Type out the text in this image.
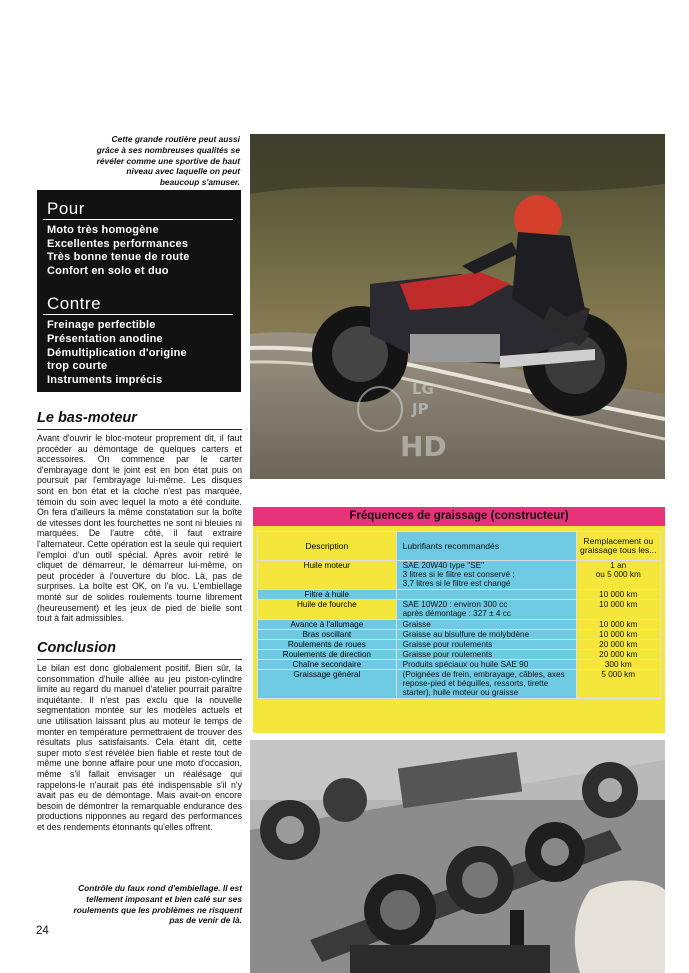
Cette grande routière peut aussi grâce à ses nombreuses qualités se révéler comme une sportive de haut niveau avec laquelle on peut beaucoup s'amuser.
Pour
Moto très homogène
Excellentes performances
Très bonne tenue de route
Confort en solo et duo
Contre
Freinage perfectible
Présentation anodine
Démultiplication d'origine
trop courte
Instruments imprécis
Le bas-moteur
Avant d'ouvrir le bloc-moteur proprement dit, il faut procéder au démontage de quelques carters et accessoires. On commence par le carter d'embrayage dont le joint est en bon état puis on poursuit par l'embrayage lui-même. Les disques sont en bon état et la cloche n'est pas marquée, témoin du soin avec lequel la moto a été conduite. On fera d'ailleurs la même constatation sur la boîte de vitesses dont les fourchettes ne sont ni bleuies ni marquées. De l'autre côté, il faut extraire l'alternateur. Cette opération est la seule qui requiert l'emploi d'un outil spécial. Après avoir retiré le cliquet de démarreur, le démarreur lui-même, on peut procéder à l'ouverture du bloc. Là, pas de surprises. La boîte est OK, on l'a vu. L'embiellage monté sur de solides roulements tourne librement (heureusement) et les jeux de pied de bielle sont tout à fait admissibles.
Conclusion
Le bilan est donc globalement positif. Bien sûr, la consommation d'huile alliée au jeu piston-cylindre limite au regard du manuel d'atelier pourrait paraître inquiétante. Il n'est pas exclu que la nouvelle segmentation montée sur les modèles actuels et une utilisation laissant plus au moteur le temps de monter en température permettraient de trouver des résultats plus satisfaisants. Cela étant dit, cette super moto s'est révélée bien fiable et reste tout de même une bonne affaire pour une moto d'occasion, même s'il fallait envisager un réalésage qui rappelons-le n'aurait pas été indispensable s'il n'y avait pas eu de démontage. Mais avait-on encore besoin de démontrer la remarquable endurance des productions nipponnes au regard des performances et des rendements étonnants qu'elles offrent.
Contrôle du faux rond d'embiellage. Il est tellement imposant et bien calé sur ses roulements que les problèmes ne risquent pas de venir de là.
24
LG
JP
HD
Fréquences de graissage (constructeur)
Description	Lubrifiants recommandés	Remplacement ou graissage tous les...
Huile moteur	SAE 20W40 type "SE"
3 litres si le filtre est conservé ;
3,7 litres si le filtre est changé	1 an
ou 5 000 km
Filtre à huile		10 000 km
Huile de fourche	SAE 10W20 : environ 300 cc
après démontage : 327 ± 4 cc	10 000 km
Avance à l'allumage	Graisse	10 000 km
Bras oscillant	Graisse au bisulfure de molybdène	10 000 km
Roulements de roues	Graisse pour roulements	20 000 km
Roulements de direction	Graisse pour roulements	20 000 km
Chaîne secondaire	Produits spéciaux ou huile SAE 90	300 km
Graissage général	(Poignées de frein, embrayage, câbles, axes repose-pied et béquilles, ressorts, tirette starter), huile moteur ou graisse	5 000 km
